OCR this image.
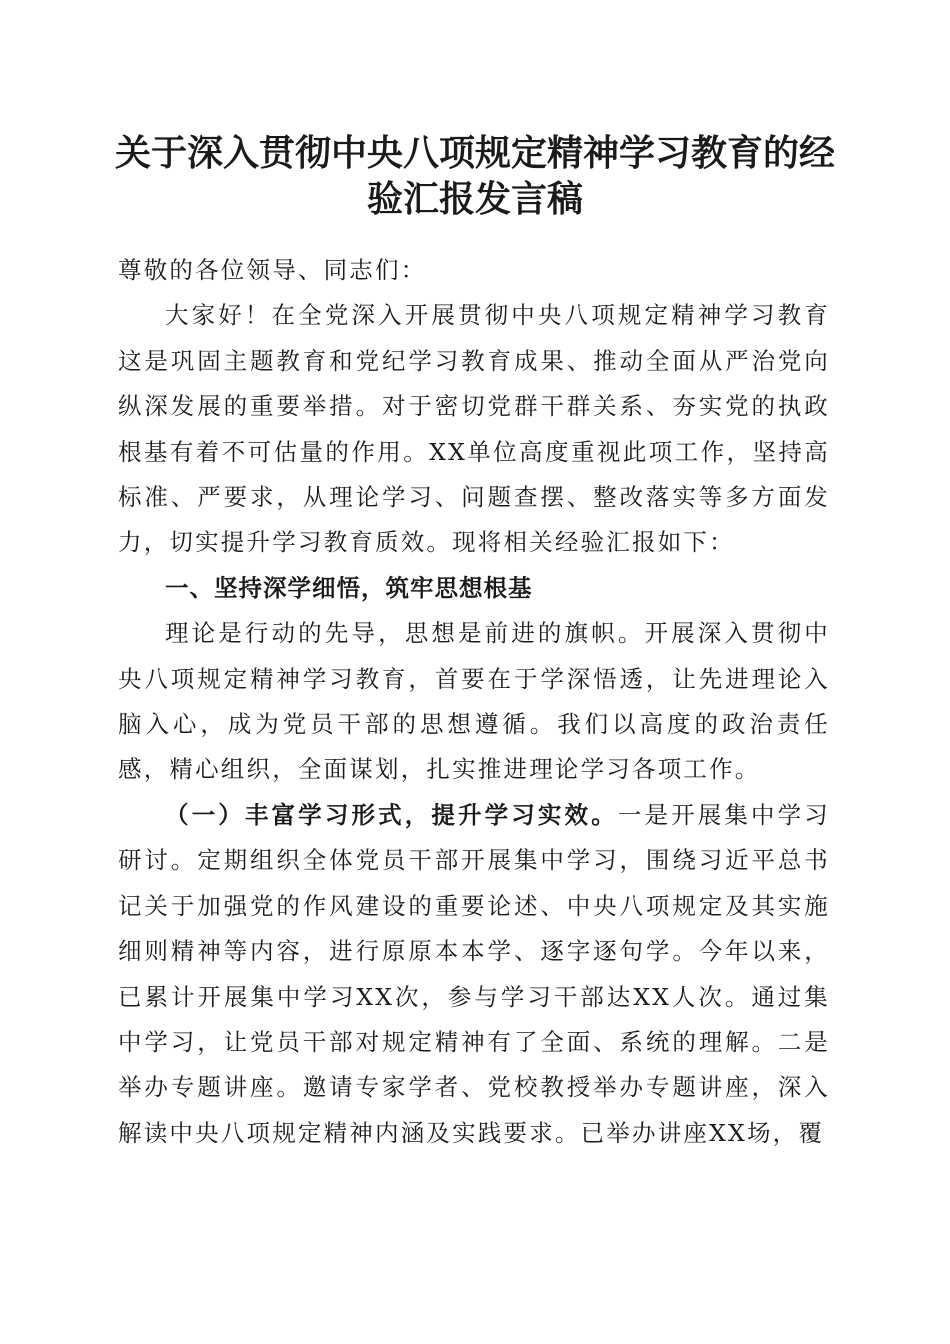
关于深入贯彻中央八项规定精神学习教育的经验汇报发言稿

尊敬的各位领导、同志们：

大家好！在全党深入开展贯彻中央八项规定精神学习教育这是巩固主题教育和党纪学习教育成果、推动全面从严治党向纵深发展的重要举措。对于密切党群干群关系、夯实党的执政根基有着不可估量的作用。XX单位高度重视此项工作，坚持高标准、严要求，从理论学习、问题查摆、整改落实等多方面发力，切实提升学习教育质效。现将相关经验汇报如下：

一、坚持深学细悟，筑牢思想根基

理论是行动的先导，思想是前进的旗帜。开展深入贯彻中央八项规定精神学习教育，首要在于学深悟透，让先进理论入脑入心，成为党员干部的思想遵循。我们以高度的政治责任感，精心组织，全面谋划，扎实推进理论学习各项工作。

（一）丰富学习形式，提升学习实效。一是开展集中学习研讨。定期组织全体党员干部开展集中学习，围绕习近平总书记关于加强党的作风建设的重要论述、中央八项规定及其实施细则精神等内容，进行原原本本学、逐字逐句学。今年以来，已累计开展集中学习XX次，参与学习干部达XX人次。通过集中学习，让党员干部对规定精神有了全面、系统的理解。二是举办专题讲座。邀请专家学者、党校教授举办专题讲座，深入解读中央八项规定精神内涵及实践要求。已举办讲座XX场，覆
